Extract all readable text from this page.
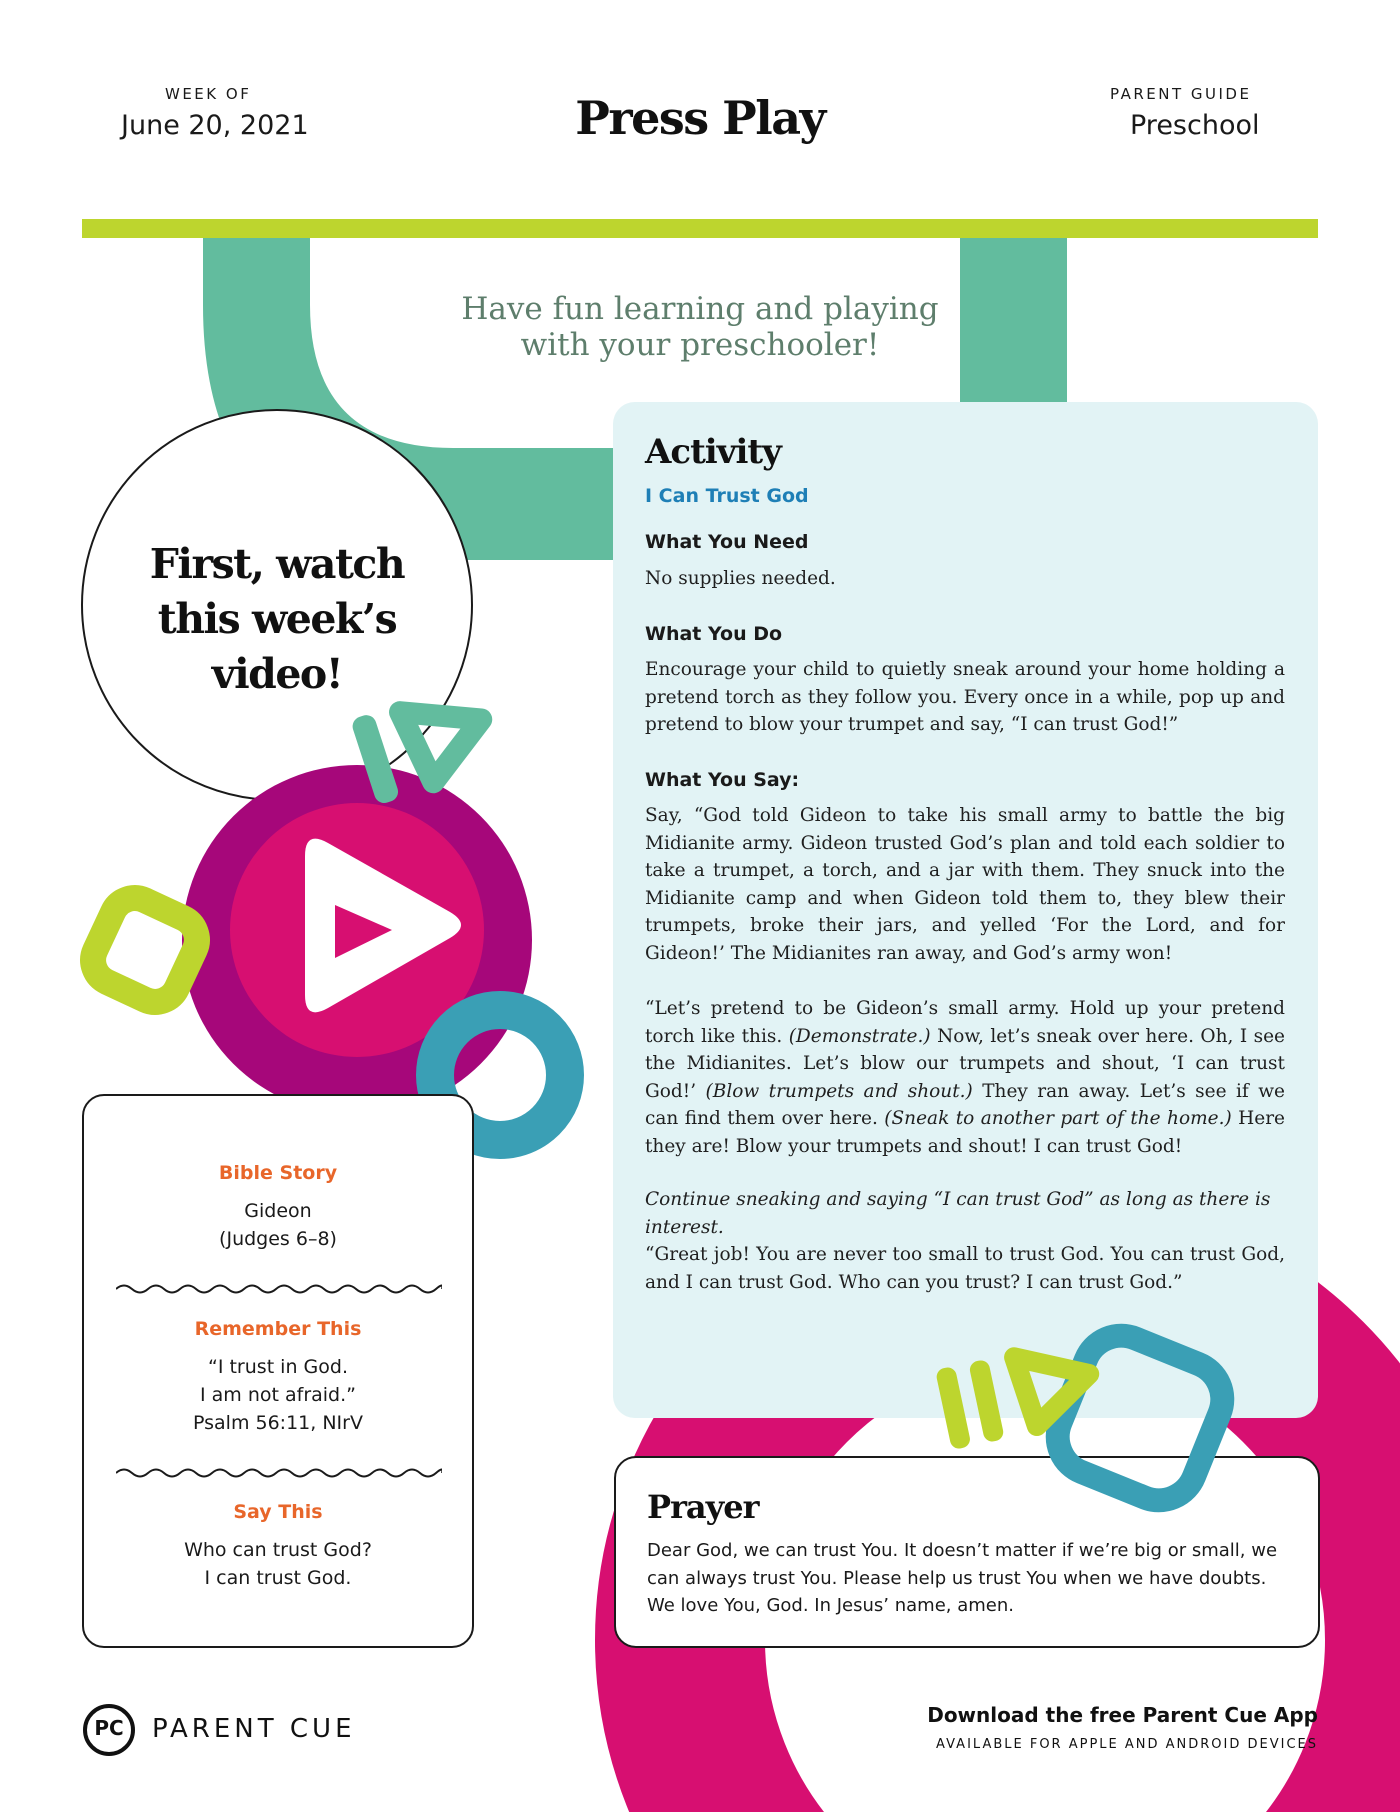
WEEK OF
June 20, 2021	Press Play	PARENT GUIDE
Preschool
Have fun learning and playing
with your preschooler!
Activity
I Can Trust God
What You Need

No supplies needed.

What You Do

Encourage your child to quietly sneak around your home holding a pretend torch as they follow you. Every once in a while, pop up and pretend to blow your trumpet and say, “I can trust God!”

What You Say:

Say, “God told Gideon to take his small army to battle the big Midianite army. Gideon trusted God’s plan and told each soldier to take a trumpet, a torch, and a jar with them. They snuck into the Midianite camp and when Gideon told them to, they blew their trumpets, broke their jars, and yelled ‘For the Lord, and for Gideon!’ The Midianites ran away, and God’s army won!

“Let’s pretend to be Gideon’s small army. Hold up your pretend torch like this. (Demonstrate.) Now, let’s sneak over here. Oh, I see the Midianites. Let’s blow our trumpets and shout, ‘I can trust God!’ (Blow trumpets and shout.) They ran away. Let’s see if we can find them over here. (Sneak to another part of the home.) Here they are! Blow your trumpets and shout! I can trust God!

Continue sneaking and saying “I can trust God” as long as there is interest.

“Great job! You are never too small to trust God. You can trust God, and I can trust God. Who can you trust? I can trust God.”

First, watch
this week’s
video!
Bible Story
Gideon
(Judges 6–8)
Remember This
“I trust in God.
I am not afraid.”
Psalm 56:11, NIrV
Say This
Who can trust God?
I can trust God.
Prayer
Dear God, we can trust You. It doesn’t matter if we’re big or small, we can always trust You. Please help us trust You when we have doubts. We love You, God. In Jesus’ name, amen.
PC	PARENT CUE	Download the free Parent Cue App
AVAILABLE FOR APPLE AND ANDROID DEVICES
